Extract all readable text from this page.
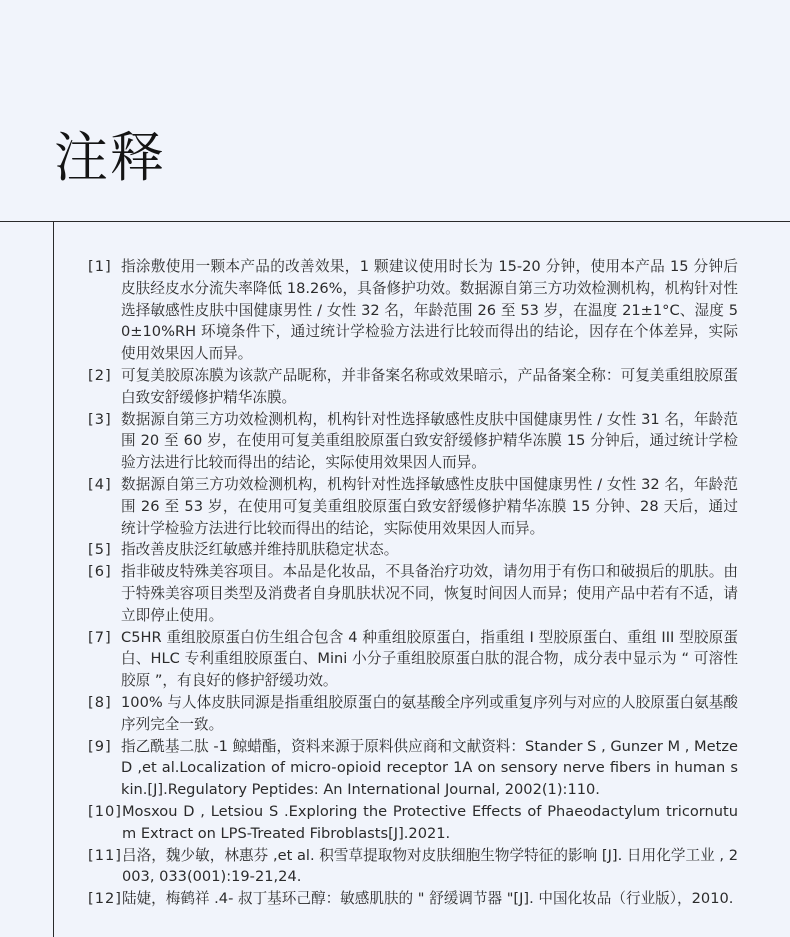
注释
[1] 指涂敷使用一颗本产品的改善效果，1 颗建议使用时长为 15-20 分钟，使用本产品 15 分钟后皮肤经皮水分流失率降低 18.26%，具备修护功效。数据源自第三方功效检测机构，机构针对性选择敏感性皮肤中国健康男性 / 女性 32 名，年龄范围 26 至 53 岁，在温度 21±1°C、湿度 50±10%RH 环境条件下，通过统计学检验方法进行比较而得出的结论，因存在个体差异，实际使用效果因人而异。
[2] 可复美胶原冻膜为该款产品昵称，并非备案名称或效果暗示，产品备案全称：可复美重组胶原蛋白致安舒缓修护精华冻膜。
[3] 数据源自第三方功效检测机构，机构针对性选择敏感性皮肤中国健康男性 / 女性 31 名，年龄范围 20 至 60 岁，在使用可复美重组胶原蛋白致安舒缓修护精华冻膜 15 分钟后，通过统计学检验方法进行比较而得出的结论，实际使用效果因人而异。
[4] 数据源自第三方功效检测机构，机构针对性选择敏感性皮肤中国健康男性 / 女性 32 名，年龄范围 26 至 53 岁，在使用可复美重组胶原蛋白致安舒缓修护精华冻膜 15 分钟、28 天后，通过统计学检验方法进行比较而得出的结论，实际使用效果因人而异。
[5] 指改善皮肤泛红敏感并维持肌肤稳定状态。
[6] 指非破皮特殊美容项目。本品是化妆品，不具备治疗功效，请勿用于有伤口和破损后的肌肤。由于特殊美容项目类型及消费者自身肌肤状况不同，恢复时间因人而异；使用产品中若有不适，请立即停止使用。
[7] C5HR 重组胶原蛋白仿生组合包含 4 种重组胶原蛋白，指重组 I 型胶原蛋白、重组 III 型胶原蛋白、HLC 专利重组胶原蛋白、Mini 小分子重组胶原蛋白肽的混合物，成分表中显示为 “ 可溶性胶原 ”，有良好的修护舒缓功效。
[8] 100% 与人体皮肤同源是指重组胶原蛋白的氨基酸全序列或重复序列与对应的人胶原蛋白氨基酸序列完全一致。
[9] 指乙酰基二肽 -1 鲸蜡酯，资料来源于原料供应商和文献资料：Stander S , Gunzer M , Metze D ,et al.Localization of micro-opioid receptor 1A on sensory nerve fibers in human skin.[J].Regulatory Peptides: An International Journal, 2002(1):110.
[10] Mosxou D , Letsiou S .Exploring the Protective Effects of Phaeodactylum tricornutum Extract on LPS-Treated Fibroblasts[J].2021.
[11] 吕洛，魏少敏，林惠芬 ,et al. 积雪草提取物对皮肤细胞生物学特征的影响 [J]. 日用化学工业 , 2003, 033(001):19-21,24.
[12] 陆婕，梅鹤祥 .4- 叔丁基环己醇：敏感肌肤的 " 舒缓调节器 "[J]. 中国化妆品（行业版），2010.
